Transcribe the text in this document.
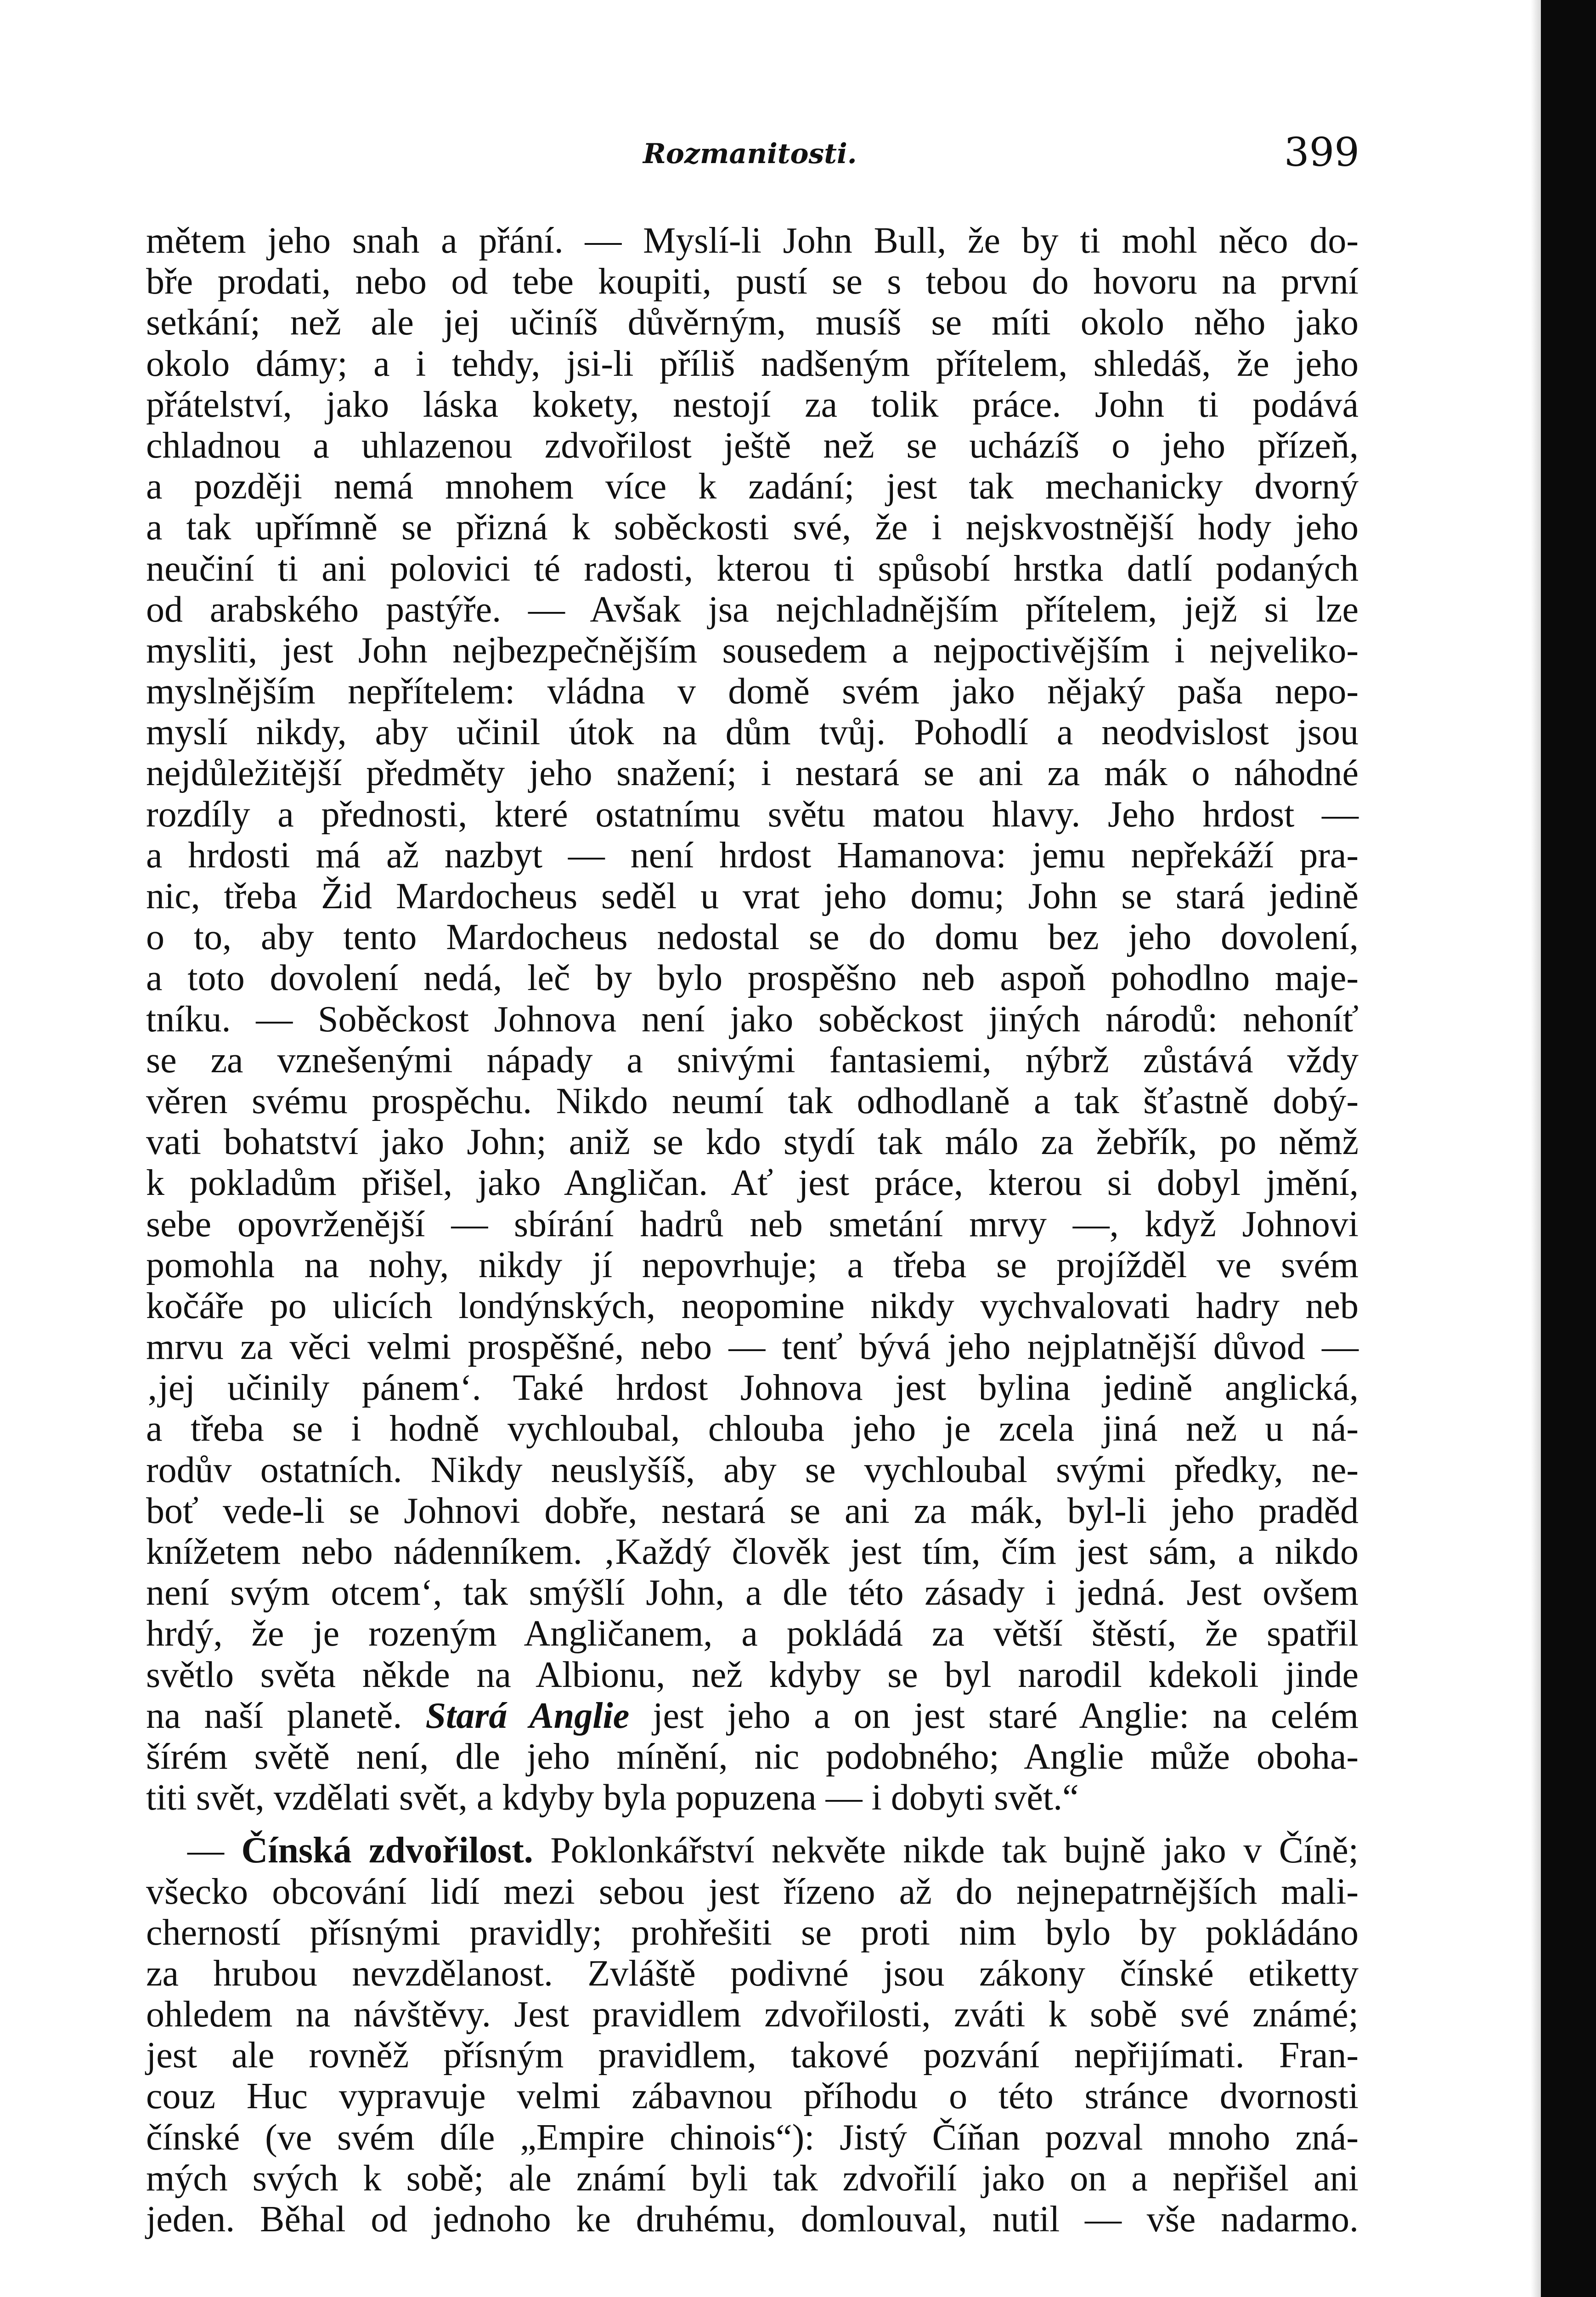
Rozmanitosti.	399
mětem jeho snah a přání. — Myslí-li John Bull, že by ti mohl něco do-
bře prodati, nebo od tebe koupiti, pustí se s tebou do hovoru na první
setkání; než ale jej učiníš důvěrným, musíš se míti okolo něho jako
okolo dámy; a i tehdy, jsi-li příliš nadšeným přítelem, shledáš, že jeho
přátelství, jako láska kokety, nestojí za tolik práce. John ti podává
chladnou a uhlazenou zdvořilost ještě než se ucházíš o jeho přízeň,
a později nemá mnohem více k zadání; jest tak mechanicky dvorný
a tak upřímně se přizná k soběckosti své, že i nejskvostnější hody jeho
neučiní ti ani polovici té radosti, kterou ti spůsobí hrstka datlí podaných
od arabského pastýře. — Avšak jsa nejchladnějším přítelem, jejž si lze
mysliti, jest John nejbezpečnějším sousedem a nejpoctivějším i nejveliko-
myslnějším nepřítelem: vládna v domě svém jako nějaký paša nepo-
myslí nikdy, aby učinil útok na dům tvůj. Pohodlí a neodvislost jsou
nejdůležitější předměty jeho snažení; i nestará se ani za mák o náhodné
rozdíly a přednosti, které ostatnímu světu matou hlavy. Jeho hrdost —
a hrdosti má až nazbyt — není hrdost Hamanova: jemu nepřekáží pra-
nic, třeba Žid Mardocheus seděl u vrat jeho domu; John se stará jedině
o to, aby tento Mardocheus nedostal se do domu bez jeho dovolení,
a toto dovolení nedá, leč by bylo prospěšno neb aspoň pohodlno maje-
tníku. — Soběckost Johnova není jako soběckost jiných národů: nehoníť
se za vznešenými nápady a snivými fantasiemi, nýbrž zůstává vždy
věren svému prospěchu. Nikdo neumí tak odhodlaně a tak šťastně dobý-
vati bohatství jako John; aniž se kdo stydí tak málo za žebřík, po němž
k pokladům přišel, jako Angličan. Ať jest práce, kterou si dobyl jmění,
sebe opovrženější — sbírání hadrů neb smetání mrvy —, když Johnovi
pomohla na nohy, nikdy jí nepovrhuje; a třeba se projížděl ve svém
kočáře po ulicích londýnských, neopomine nikdy vychvalovati hadry neb
mrvu za věci velmi prospěšné, nebo — tenť bývá jeho nejplatnější důvod —
‚jej učinily pánem‘. Také hrdost Johnova jest bylina jedině anglická,
a třeba se i hodně vychloubal, chlouba jeho je zcela jiná než u ná-
rodův ostatních. Nikdy neuslyšíš, aby se vychloubal svými předky, ne-
boť vede-li se Johnovi dobře, nestará se ani za mák, byl-li jeho praděd
knížetem nebo nádenníkem. ‚Každý člověk jest tím, čím jest sám, a nikdo
není svým otcem‘, tak smýšlí John, a dle této zásady i jedná. Jest ovšem
hrdý, že je rozeným Angličanem, a pokládá za větší štěstí, že spatřil
světlo světa někde na Albionu, než kdyby se byl narodil kdekoli jinde
na naší planetě. Stará Anglie jest jeho a on jest staré Anglie: na celém
šírém světě není, dle jeho mínění, nic podobného; Anglie může oboha-
titi svět, vzdělati svět, a kdyby byla popuzena — i dobyti svět.“
— Čínská zdvořilost. Poklonkářství nekvěte nikde tak bujně jako v Číně;
všecko obcování lidí mezi sebou jest řízeno až do nejnepatrnějších mali-
cherností přísnými pravidly; prohřešiti se proti nim bylo by pokládáno
za hrubou nevzdělanost. Zvláště podivné jsou zákony čínské etiketty
ohledem na návštěvy. Jest pravidlem zdvořilosti, zváti k sobě své známé;
jest ale rovněž přísným pravidlem, takové pozvání nepřijímati. Fran-
couz Huc vypravuje velmi zábavnou příhodu o této stránce dvornosti
čínské (ve svém díle „Empire chinois“): Jistý Číňan pozval mnoho zná-
mých svých k sobě; ale známí byli tak zdvořilí jako on a nepřišel ani
jeden. Běhal od jednoho ke druhému, domlouval, nutil — vše nadarmo.
